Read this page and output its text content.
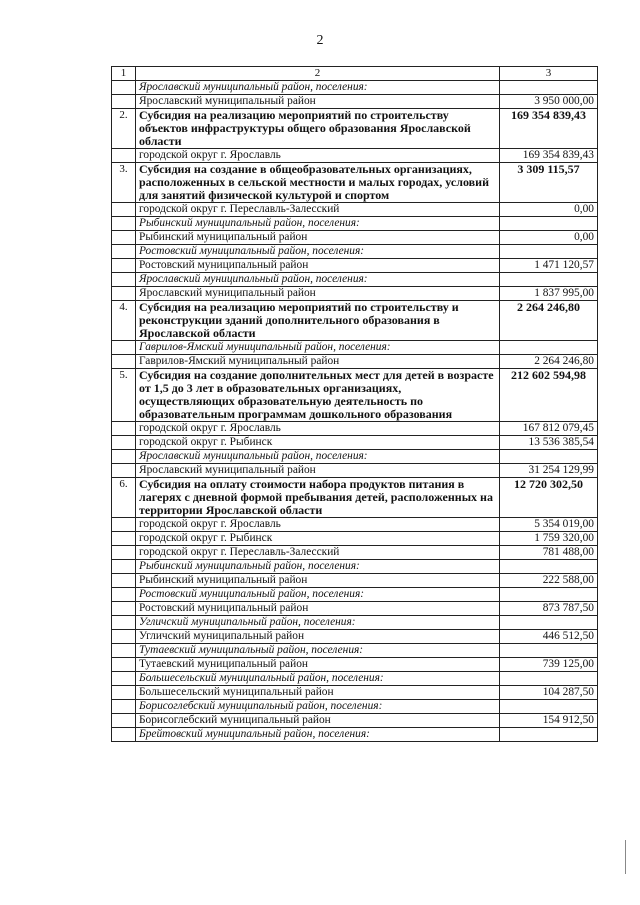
2
1	2	3
	Ярославский муниципальный район, поселения:	
	Ярославский муниципальный район	3 950 000,00
2.	Субсидия на реализацию мероприятий по строительству объектов инфраструктуры общего образования Ярославской области	169 354 839,43
	городской округ г. Ярославль	169 354 839,43
3.	Субсидия на создание в общеобразовательных организациях, расположенных в сельской местности и малых городах, условий для занятий физической культурой и спортом	3 309 115,57
	городской округ г. Переславль-Залесский	0,00
	Рыбинский муниципальный район, поселения:	
	Рыбинский муниципальный район	0,00
	Ростовский муниципальный район, поселения:	
	Ростовский муниципальный район	1 471 120,57
	Ярославский муниципальный район, поселения:	
	Ярославский муниципальный район	1 837 995,00
4.	Субсидия на реализацию мероприятий по строительству и реконструкции зданий дополнительного образования в Ярославской области	2 264 246,80
	Гаврилов-Ямский муниципальный район, поселения:	
	Гаврилов-Ямский муниципальный район	2 264 246,80
5.	Субсидия на создание дополнительных мест для детей в возрасте от 1,5 до 3 лет в образовательных организациях, осуществляющих образовательную деятельность по образовательным программам дошкольного образования	212 602 594,98
	городской округ г. Ярославль	167 812 079,45
	городской округ г. Рыбинск	13 536 385,54
	Ярославский муниципальный район, поселения:	
	Ярославский муниципальный район	31 254 129,99
6.	Субсидия на оплату стоимости набора продуктов питания в лагерях с дневной формой пребывания детей, расположенных на территории Ярославской области	12 720 302,50
	городской округ г. Ярославль	5 354 019,00
	городской округ г. Рыбинск	1 759 320,00
	городской округ г. Переславль-Залесский	781 488,00
	Рыбинский муниципальный район, поселения:	
	Рыбинский муниципальный район	222 588,00
	Ростовский муниципальный район, поселения:	
	Ростовский муниципальный район	873 787,50
	Угличский муниципальный район, поселения:	
	Угличский муниципальный район	446 512,50
	Тутаевский муниципальный район, поселения:	
	Тутаевский муниципальный район	739 125,00
	Большесельский муниципальный район, поселения:	
	Большесельский муниципальный район	104 287,50
	Борисоглебский муниципальный район, поселения:	
	Борисоглебский муниципальный район	154 912,50
	Брейтовский муниципальный район, поселения:	
